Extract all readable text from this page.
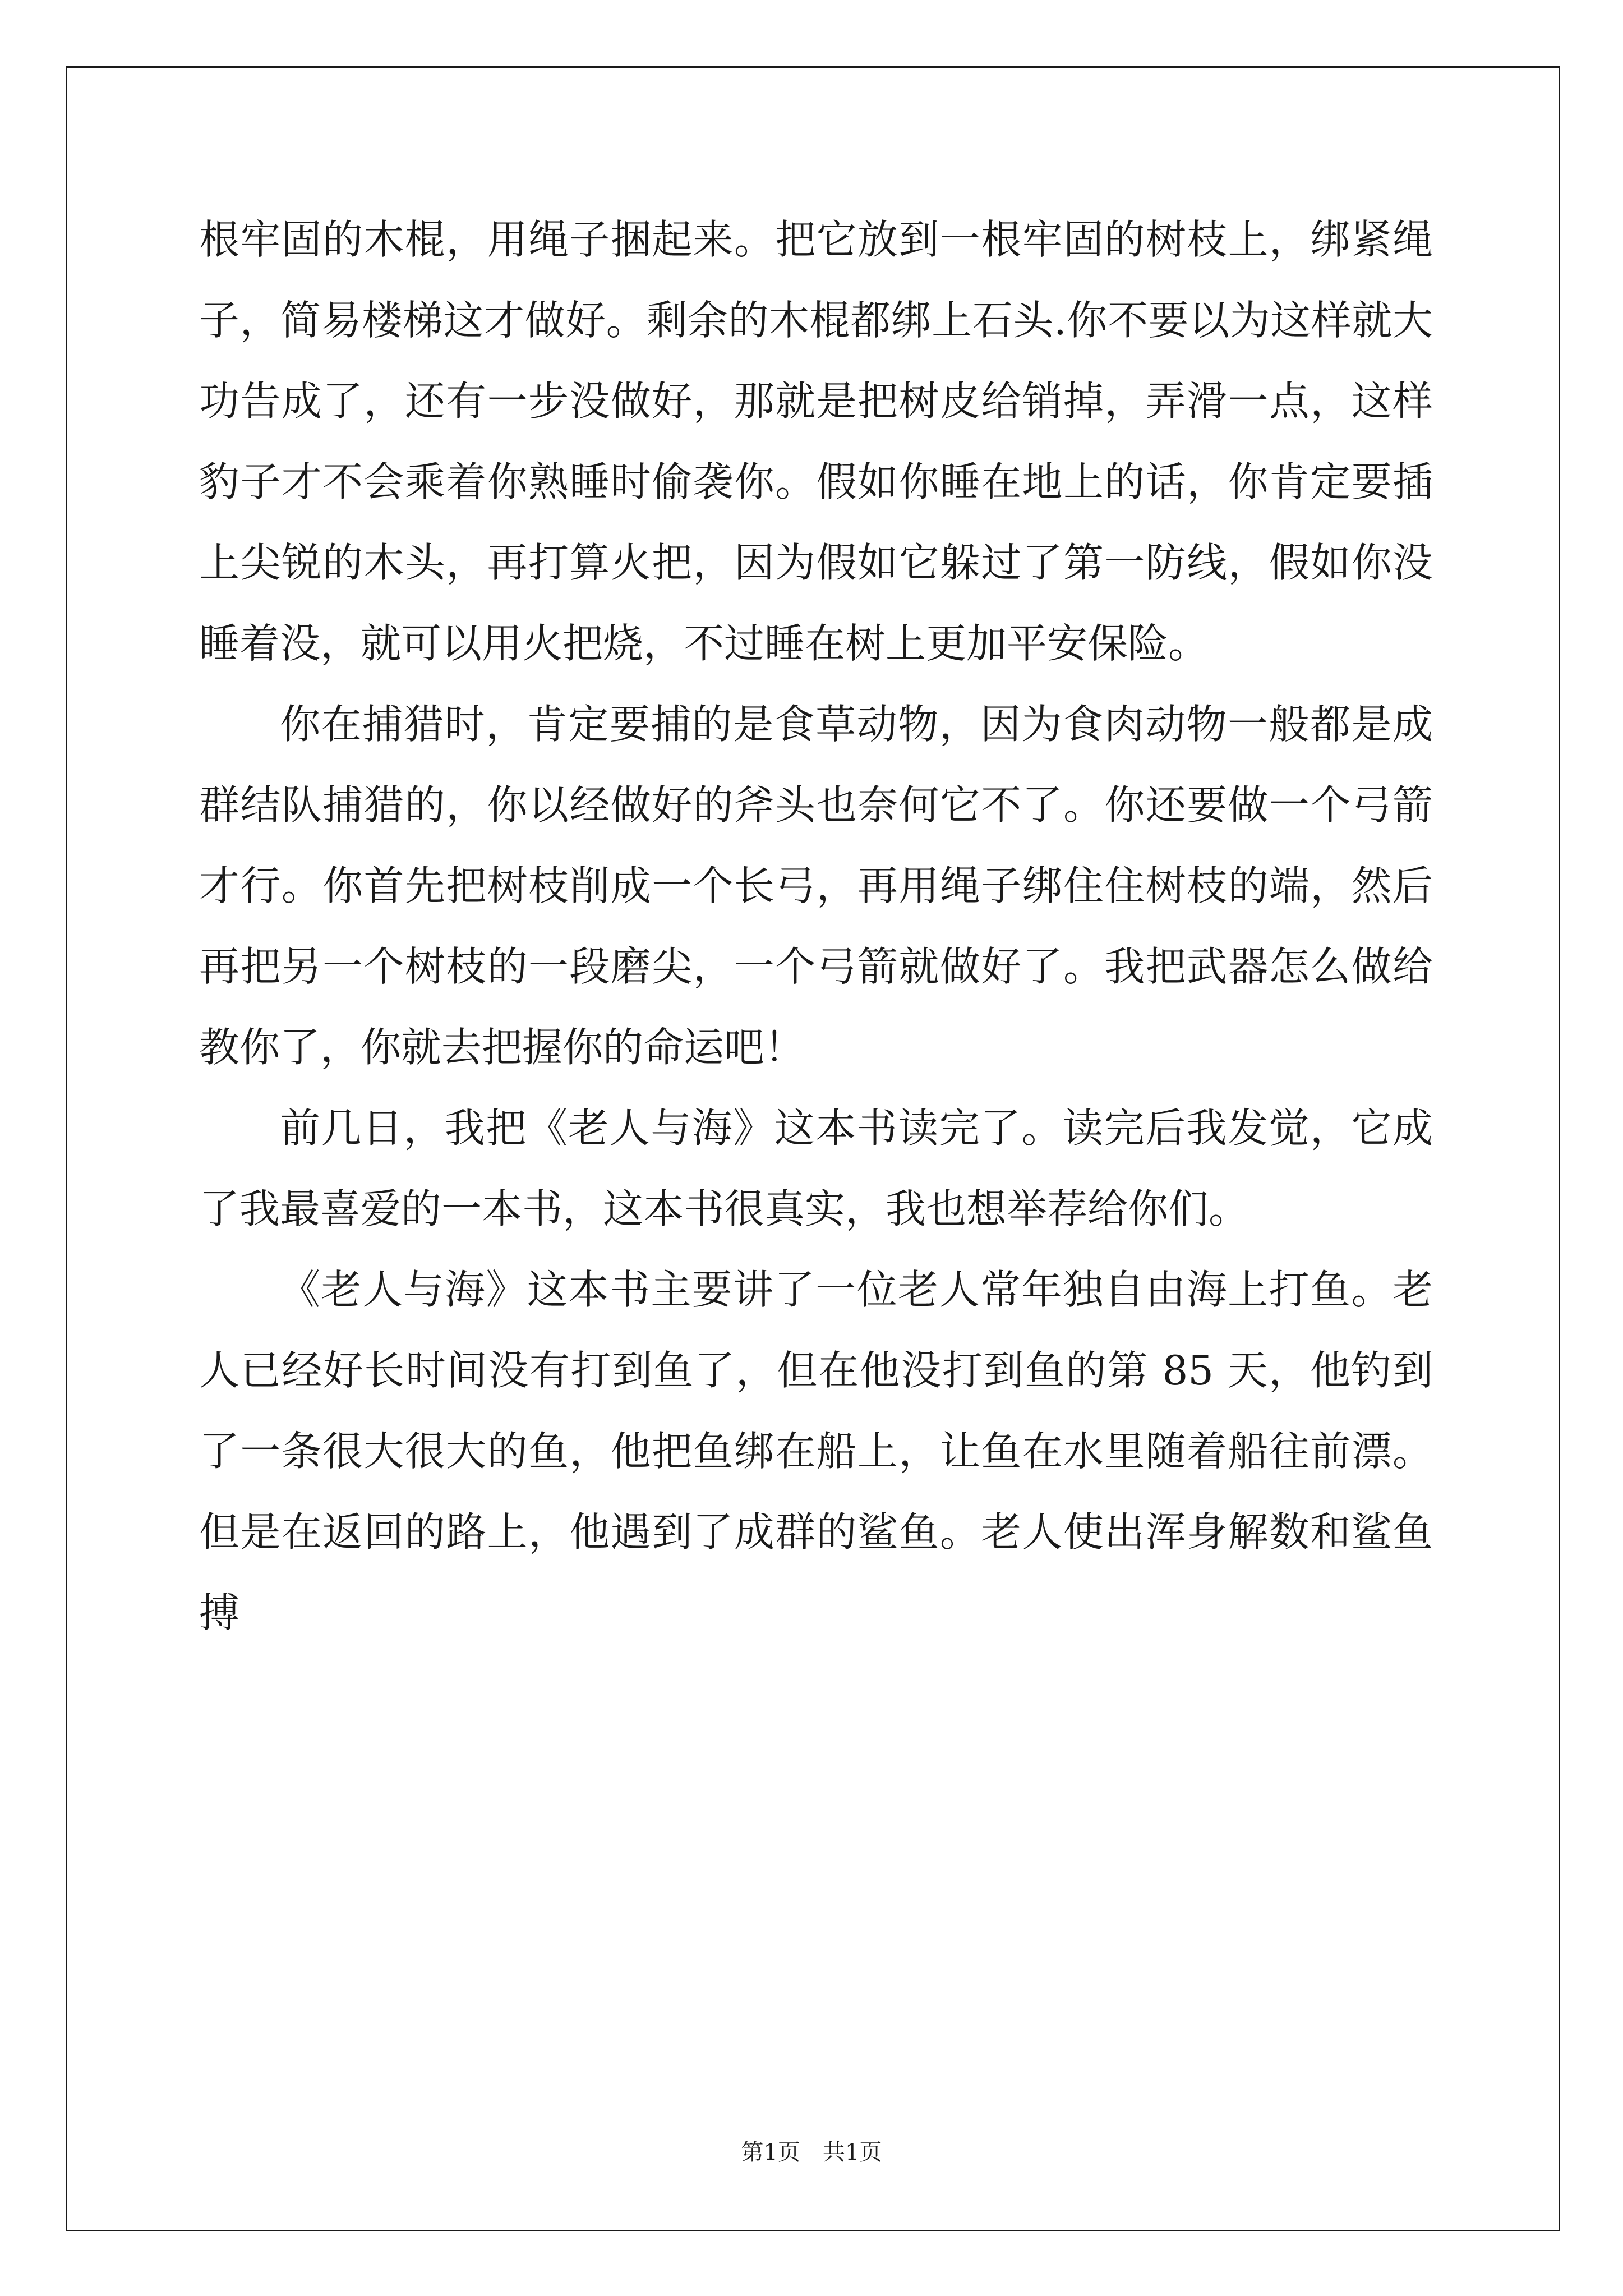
根牢固的木棍，用绳子捆起来。把它放到一根牢固的树枝上，绑紧绳子，简易楼梯这才做好。剩余的木棍都绑上石头.你不要以为这样就大功告成了，还有一步没做好，那就是把树皮给销掉，弄滑一点，这样豹子才不会乘着你熟睡时偷袭你。假如你睡在地上的话，你肯定要插上尖锐的木头，再打算火把，因为假如它躲过了第一防线，假如你没睡着没，就可以用火把烧，不过睡在树上更加平安保险。

你在捕猎时，肯定要捕的是食草动物，因为食肉动物一般都是成群结队捕猎的，你以经做好的斧头也奈何它不了。你还要做一个弓箭才行。你首先把树枝削成一个长弓，再用绳子绑住住树枝的端，然后再把另一个树枝的一段磨尖，一个弓箭就做好了。我把武器怎么做给教你了，你就去把握你的命运吧！

前几日，我把《老人与海》这本书读完了。读完后我发觉，它成了我最喜爱的一本书，这本书很真实，我也想举荐给你们。

《老人与海》这本书主要讲了一位老人常年独自由海上打鱼。老人已经好长时间没有打到鱼了，但在他没打到鱼的第 85 天，他钓到了一条很大很大的鱼，他把鱼绑在船上，让鱼在水里随着船往前漂。但是在返回的路上，他遇到了成群的鲨鱼。老人使出浑身解数和鲨鱼搏

第1页　共1页
